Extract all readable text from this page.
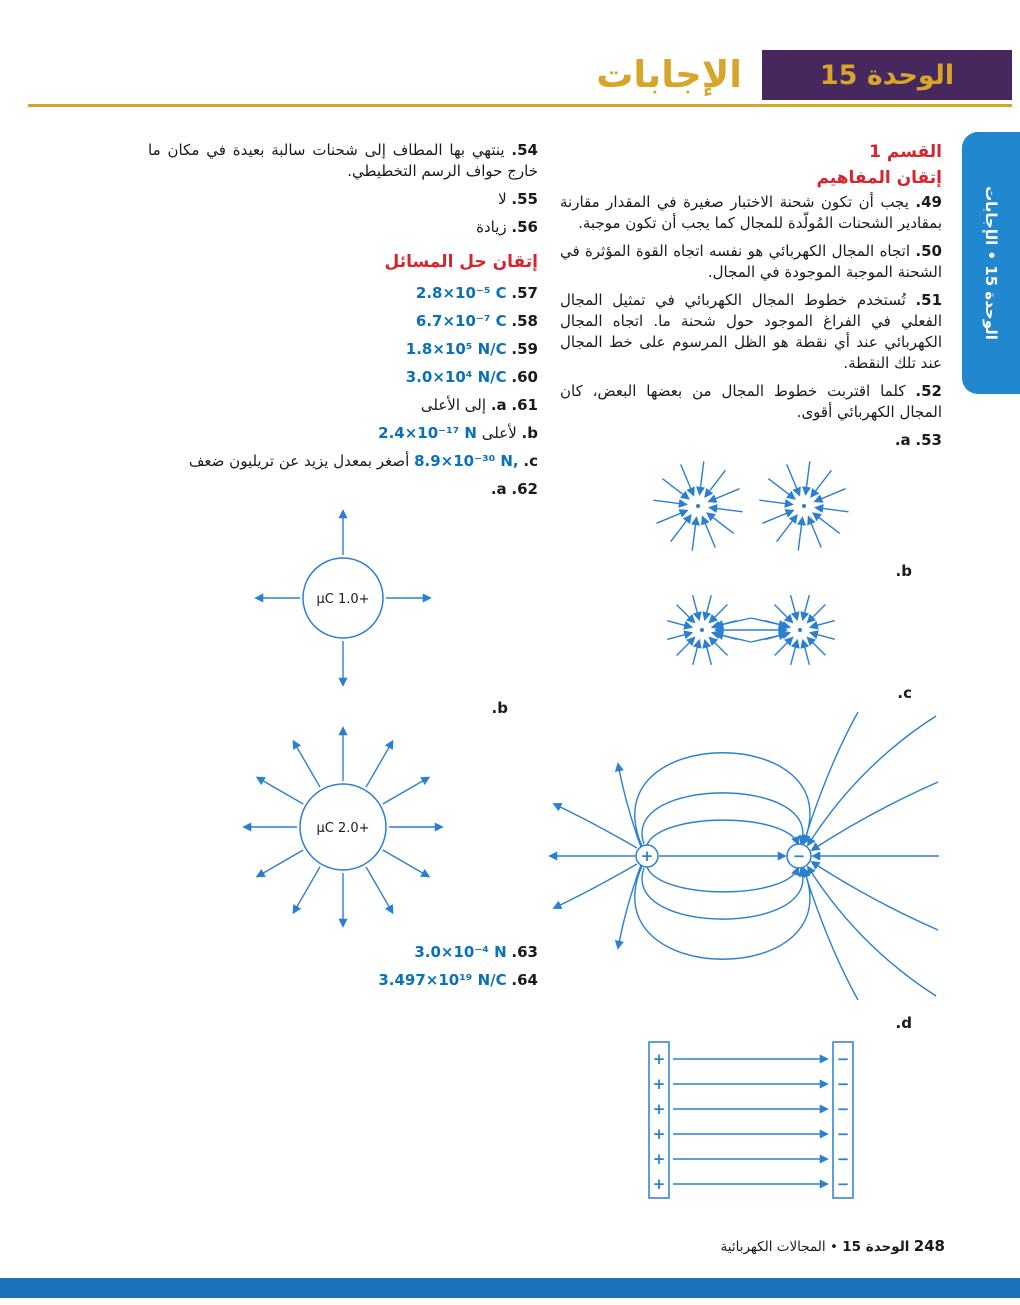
الوحدة 15
الإجابات
الوحدة 15 • الإجابات
القسم 1
إتقان المفاهيم

49. يجب أن تكون شحنة الاختبار صغيرة في المقدار مقارنة بمقادير الشحنات المُولّدة للمجال كما يجب أن تكون موجبة.

50. اتجاه المجال الكهربائي هو نفسه اتجاه القوة المؤثرة في الشحنة الموجبة الموجودة في المجال.

51. تُستخدم خطوط المجال الكهربائي في تمثيل المجال الفعلي في الفراغ الموجود حول شحنة ما. اتجاه المجال الكهربائي عند أي نقطة هو الظل المرسوم على خط المجال عند تلك النقطة.

52. كلما اقتربت خطوط المجال من بعضها البعض، كان المجال الكهربائي أقوى.

53. a.

b.

c.

+	−

d.

+
+
+
+
+
+
−
−
−
−
−
−

54. ينتهي بها المطاف إلى شحنات سالبة بعيدة في مكان ما خارج حواف الرسم التخطيطي.

55. لا

56. زيادة

إتقان حل المسائل

57. 2.8×10⁻⁵ C

58. 6.7×10⁻⁷ C

59. 1.8×10⁵ N/C

60. 3.0×10⁴ N/C

61. a. إلى الأعلى

b. لأعلى 2.4×10⁻¹⁷ N

c. 8.9×10⁻³⁰ N, أصغر بمعدل يزيد عن تريليون ضعف

62. a.

+1.0 μC

b.

+2.0 μC

63. 3.0×10⁻⁴ N

64. 3.497×10¹⁹ N/C

248 الوحدة 15 • المجالات الكهربائية
